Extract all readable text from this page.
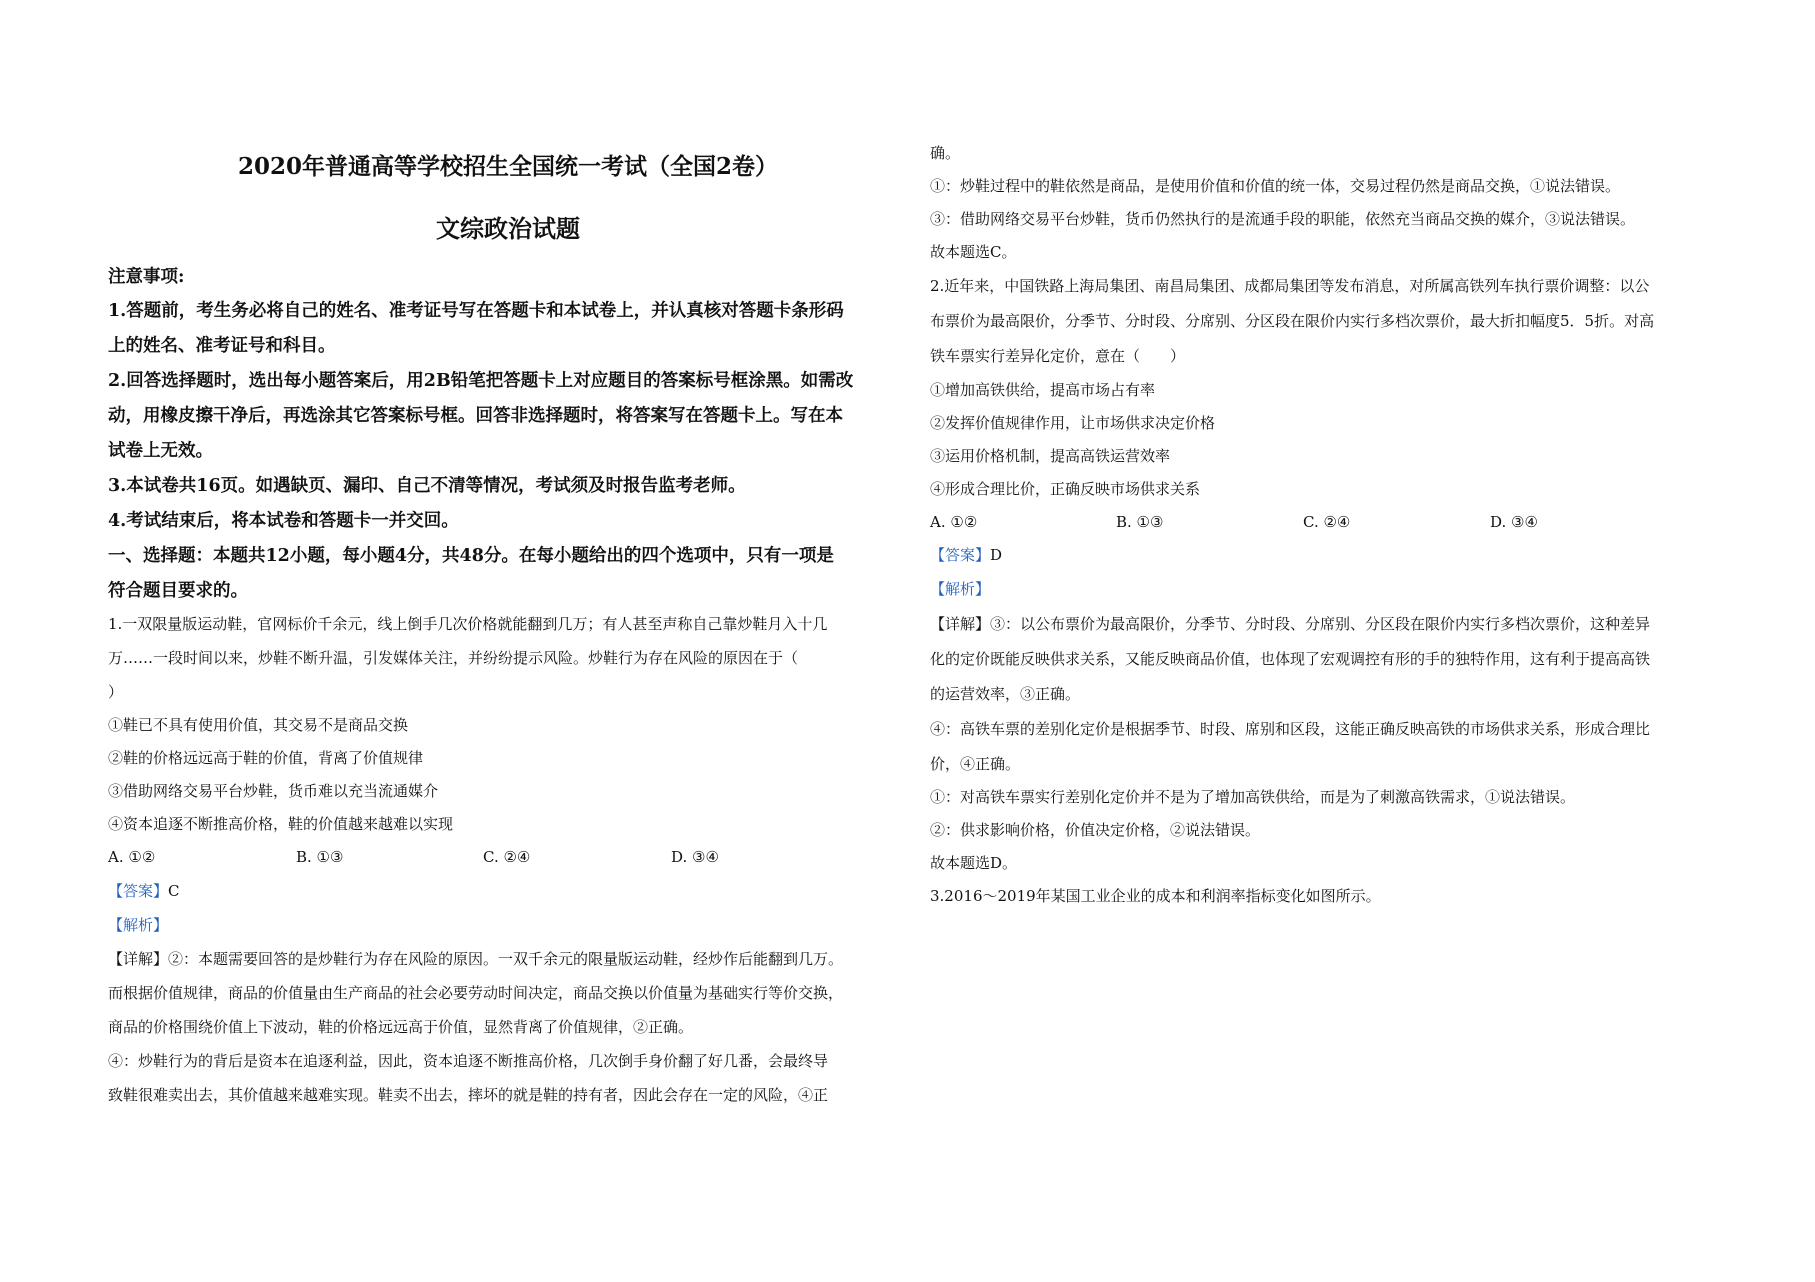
2020年普通高等学校招生全国统一考试（全国2卷）
文综政治试题
注意事项:
1.答题前，考生务必将自己的姓名、准考证号写在答题卡和本试卷上，并认真核对答题卡条形码
上的姓名、准考证号和科目。
2.回答选择题时，选出每小题答案后，用2B铅笔把答题卡上对应题目的答案标号框涂黑。如需改
动，用橡皮擦干净后，再选涂其它答案标号框。回答非选择题时，将答案写在答题卡上。写在本
试卷上无效。
3.本试卷共16页。如遇缺页、漏印、自己不清等情况，考试须及时报告监考老师。
4.考试结束后，将本试卷和答题卡一并交回。
一、选择题：本题共12小题，每小题4分，共48分。在每小题给出的四个选项中，只有一项是
符合题目要求的。
1.一双限量版运动鞋，官网标价千余元，线上倒手几次价格就能翻到几万；有人甚至声称自己靠炒鞋月入十几
万……一段时间以来，炒鞋不断升温，引发媒体关注，并纷纷提示风险。炒鞋行为存在风险的原因在于（
）
①鞋已不具有使用价值，其交易不是商品交换
②鞋的价格远远高于鞋的价值，背离了价值规律
③借助网络交易平台炒鞋，货币难以充当流通媒介
④资本追逐不断推高价格，鞋的价值越来越难以实现
A. ①②	B. ①③	C. ②④	D. ③④
【答案】C
【解析】
【详解】②：本题需要回答的是炒鞋行为存在风险的原因。一双千余元的限量版运动鞋，经炒作后能翻到几万。
而根据价值规律，商品的价值量由生产商品的社会必要劳动时间决定，商品交换以价值量为基础实行等价交换，
商品的价格围绕价值上下波动，鞋的价格远远高于价值，显然背离了价值规律，②正确。
④：炒鞋行为的背后是资本在追逐利益，因此，资本追逐不断推高价格，几次倒手身价翻了好几番，会最终导
致鞋很难卖出去，其价值越来越难实现。鞋卖不出去，摔坏的就是鞋的持有者，因此会存在一定的风险，④正
确。
①：炒鞋过程中的鞋依然是商品，是使用价值和价值的统一体，交易过程仍然是商品交换，①说法错误。
③：借助网络交易平台炒鞋，货币仍然执行的是流通手段的职能，依然充当商品交换的媒介，③说法错误。
故本题选C。
2.近年来，中国铁路上海局集团、南昌局集团、成都局集团等发布消息，对所属高铁列车执行票价调整：以公
布票价为最高限价，分季节、分时段、分席别、分区段在限价内实行多档次票价，最大折扣幅度5．5折。对高
铁车票实行差异化定价，意在（　　）
①增加高铁供给，提高市场占有率
②发挥价值规律作用，让市场供求决定价格
③运用价格机制，提高高铁运营效率
④形成合理比价，正确反映市场供求关系
A. ①②	B. ①③	C. ②④	D. ③④
【答案】D
【解析】
【详解】③：以公布票价为最高限价，分季节、分时段、分席别、分区段在限价内实行多档次票价，这种差异
化的定价既能反映供求关系，又能反映商品价值，也体现了宏观调控有形的手的独特作用，这有利于提高高铁
的运营效率，③正确。
④：高铁车票的差别化定价是根据季节、时段、席别和区段，这能正确反映高铁的市场供求关系，形成合理比
价，④正确。
①：对高铁车票实行差别化定价并不是为了增加高铁供给，而是为了刺激高铁需求，①说法错误。
②：供求影响价格，价值决定价格，②说法错误。
故本题选D。
3.2016～2019年某国工业企业的成本和利润率指标变化如图所示。
